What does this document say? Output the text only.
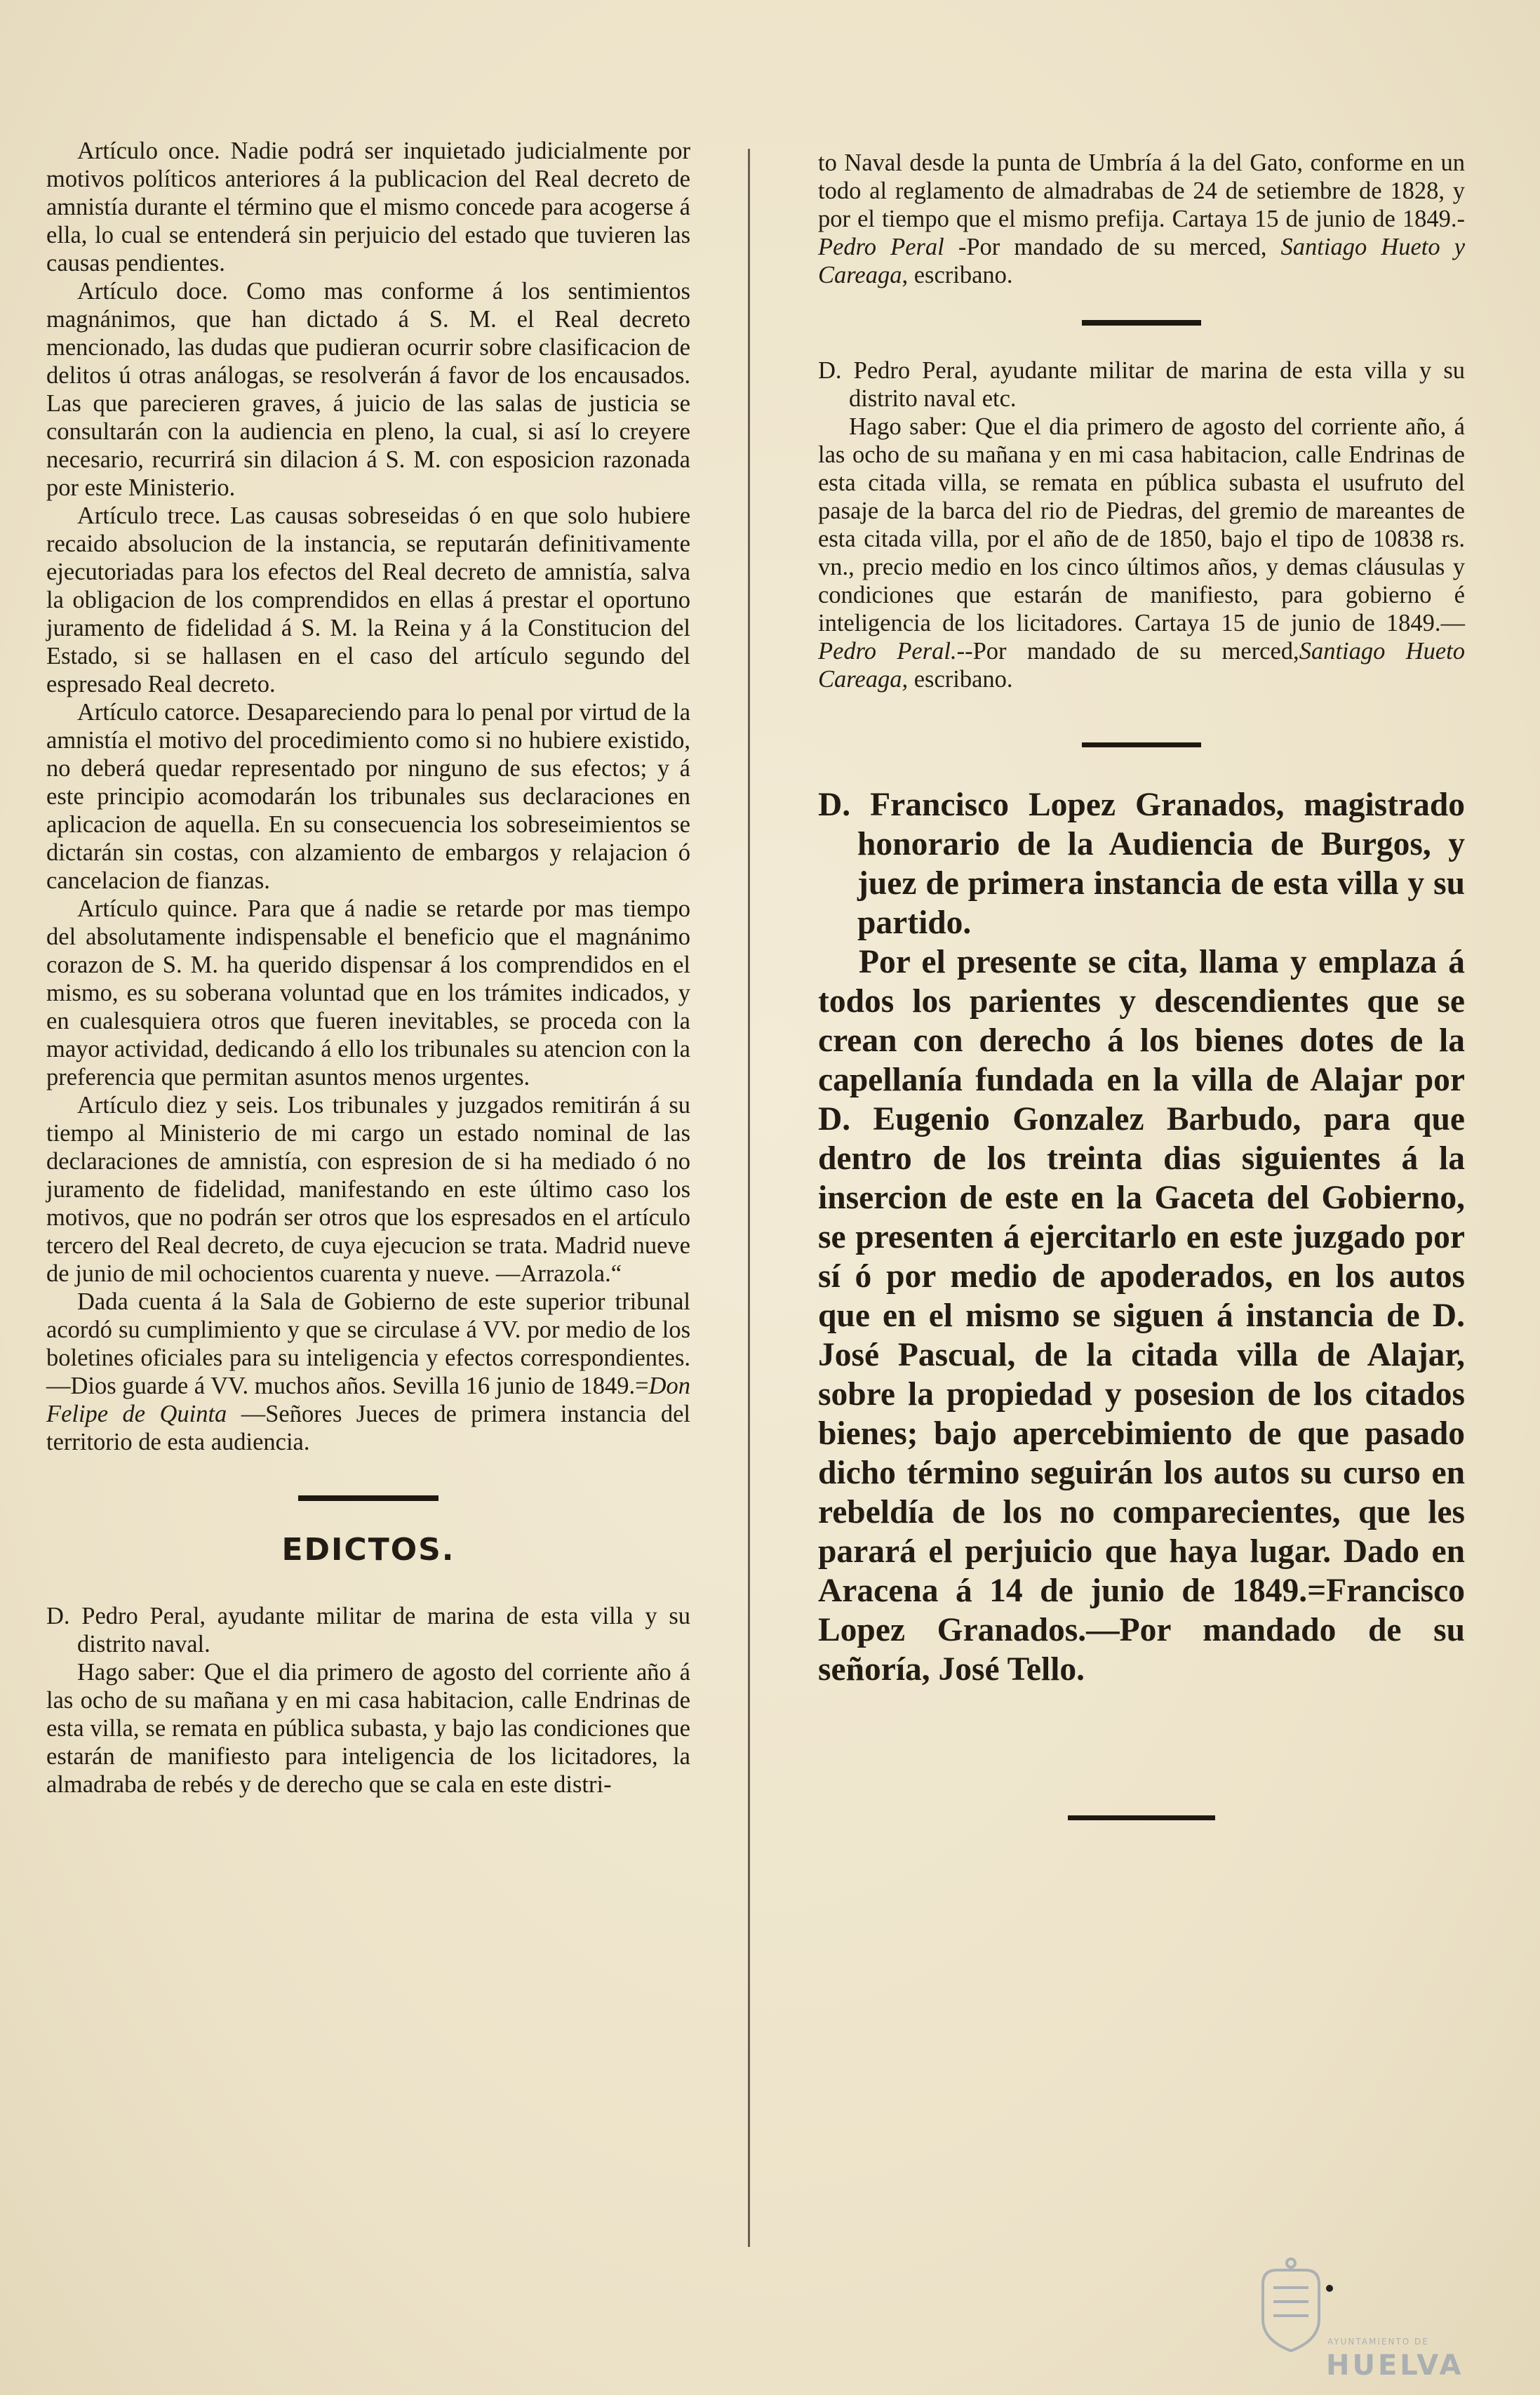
Artículo once. Nadie podrá ser inquietado judicialmente por motivos políticos anteriores á la publicacion del Real decreto de amnistía durante el término que el mismo concede para acogerse á ella, lo cual se entenderá sin perjuicio del estado que tuvieren las causas pendientes.

Artículo doce. Como mas conforme á los sentimientos magnánimos, que han dictado á S. M. el Real decreto mencionado, las dudas que pudieran ocurrir sobre clasificacion de delitos ú otras análogas, se resolverán á favor de los encausados. Las que parecieren graves, á juicio de las salas de justicia se consultarán con la audiencia en pleno, la cual, si así lo creyere necesario, recurrirá sin dilacion á S. M. con esposicion razonada por este Ministerio.

Artículo trece. Las causas sobreseidas ó en que solo hubiere recaido absolucion de la instancia, se reputarán definitivamente ejecutoriadas para los efectos del Real decreto de amnistía, salva la obligacion de los comprendidos en ellas á prestar el oportuno juramento de fidelidad á S. M. la Reina y á la Constitucion del Estado, si se hallasen en el caso del artículo segundo del espresado Real decreto.

Artículo catorce. Desapareciendo para lo penal por virtud de la amnistía el motivo del procedimiento como si no hubiere existido, no deberá quedar representado por ninguno de sus efectos; y á este principio acomodarán los tribunales sus declaraciones en aplicacion de aquella. En su consecuencia los sobreseimientos se dictarán sin costas, con alzamiento de embargos y relajacion ó cancelacion de fianzas.

Artículo quince. Para que á nadie se retarde por mas tiempo del absolutamente indispensable el beneficio que el magnánimo corazon de S. M. ha querido dispensar á los comprendidos en el mismo, es su soberana voluntad que en los trámites indicados, y en cualesquiera otros que fueren inevitables, se proceda con la mayor actividad, dedicando á ello los tribunales su atencion con la preferencia que permitan asuntos menos urgentes.

Artículo diez y seis. Los tribunales y juzgados remitirán á su tiempo al Ministerio de mi cargo un estado nominal de las declaraciones de amnistía, con espresion de si ha mediado ó no juramento de fidelidad, manifestando en este último caso los motivos, que no podrán ser otros que los espresados en el artículo tercero del Real decreto, de cuya ejecucion se trata. Madrid nueve de junio de mil ochocientos cuarenta y nueve. —Arrazola.“

Dada cuenta á la Sala de Gobierno de este superior tribunal acordó su cumplimiento y que se circulase á VV. por medio de los boletines oficiales para su inteligencia y efectos correspondientes.—Dios guarde á VV. muchos años. Sevilla 16 junio de 1849.=Don Felipe de Quinta —Señores Jueces de primera instancia del territorio de esta audiencia.

EDICTOS.

D. Pedro Peral, ayudante militar de marina de esta villa y su distrito naval.

Hago saber: Que el dia primero de agosto del corriente año á las ocho de su mañana y en mi casa habitacion, calle Endrinas de esta villa, se remata en pública subasta, y bajo las condiciones que estarán de manifiesto para inteligencia de los licitadores, la almadraba de rebés y de derecho que se cala en este distri-

to Naval desde la punta de Umbría á la del Gato, conforme en un todo al reglamento de almadrabas de 24 de setiembre de 1828, y por el tiempo que el mismo prefija. Cartaya 15 de junio de 1849.-Pedro Peral -Por mandado de su merced, Santiago Hueto y Careaga, escribano.

D. Pedro Peral, ayudante militar de marina de esta villa y su distrito naval etc.

Hago saber: Que el dia primero de agosto del corriente año, á las ocho de su mañana y en mi casa habitacion, calle Endrinas de esta citada villa, se remata en pública subasta el usufruto del pasaje de la barca del rio de Piedras, del gremio de mareantes de esta citada villa, por el año de de 1850, bajo el tipo de 10838 rs. vn., precio medio en los cinco últimos años, y demas cláusulas y condiciones que estarán de manifiesto, para gobierno é inteligencia de los licitadores. Cartaya 15 de junio de 1849.—Pedro Peral.--Por mandado de su merced,Santiago Hueto Careaga, escribano.

D. Francisco Lopez Granados, magistrado honorario de la Audiencia de Burgos, y juez de primera instancia de esta villa y su partido.

Por el presente se cita, llama y emplaza á todos los parientes y descendientes que se crean con derecho á los bienes dotes de la capellanía fundada en la villa de Alajar por D. Eugenio Gonzalez Barbudo, para que dentro de los treinta dias siguientes á la insercion de este en la Gaceta del Gobierno, se presenten á ejercitarlo en este juzgado por sí ó por medio de apoderados, en los autos que en el mismo se siguen á instancia de D. José Pascual, de la citada villa de Alajar, sobre la propiedad y posesion de los citados bienes; bajo apercebimiento de que pasado dicho término seguirán los autos su curso en rebeldía de los no comparecientes, que les parará el perjuicio que haya lugar. Dado en Aracena á 14 de junio de 1849.=Francisco Lopez Granados.—Por mandado de su señoría, José Tello.

AYUNTAMIENTO DE
HUELVA
